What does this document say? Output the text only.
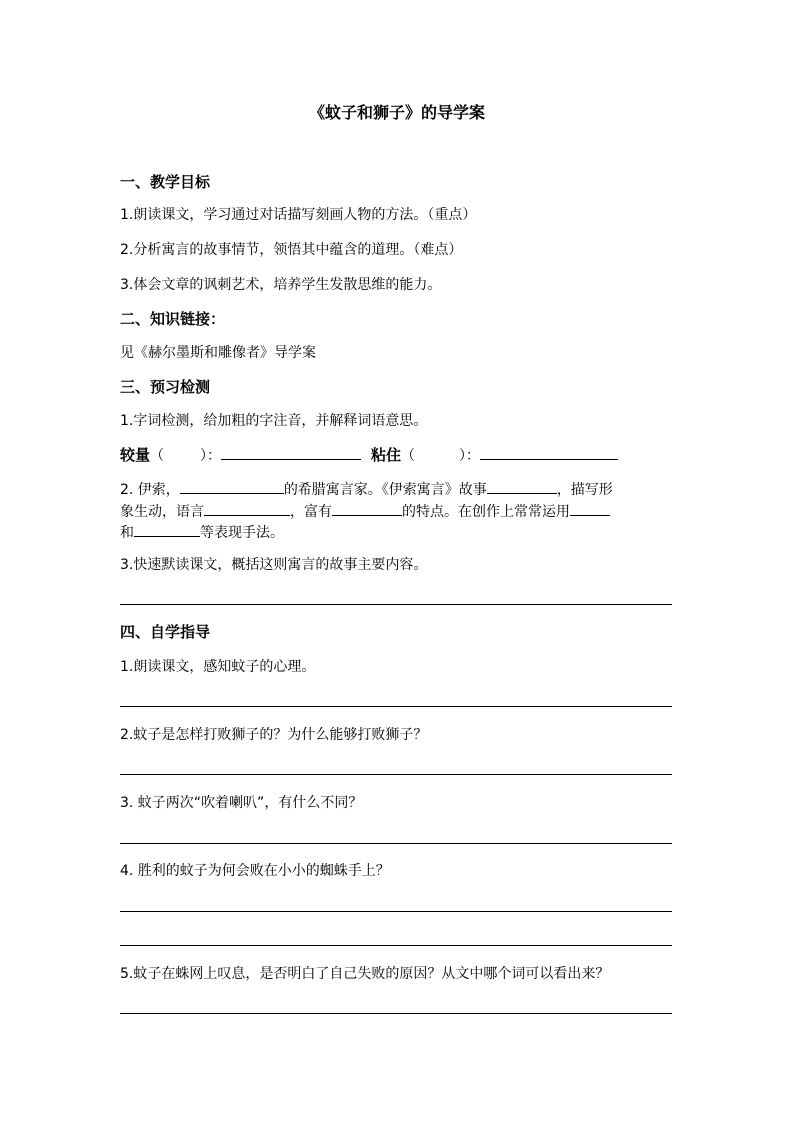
《蚊子和狮子》的导学案
一、教学目标
1.朗读课文，学习通过对话描写刻画人物的方法。（重点）
2.分析寓言的故事情节，领悟其中蕴含的道理。（难点）
3.体会文章的讽刺艺术，培养学生发散思维的能力。
二、知识链接：
见《赫尔墨斯和雕像者》导学案
三、预习检测
1.字词检测，给加粗的字注音，并解释词语意思。
较量（	）：	粘住（	）：
2. 伊索，	的希腊寓言家。《伊索寓言》故事	，描写形
象生动，语言	，富有	的特点。在创作上常常运用
和	等表现手法。
3.快速默读课文，概括这则寓言的故事主要内容。
四、自学指导
1.朗读课文，感知蚊子的心理。
2.蚊子是怎样打败狮子的？为什么能够打败狮子？
3. 蚊子两次“吹着喇叭”，有什么不同？
4. 胜利的蚊子为何会败在小小的蜘蛛手上？
5.蚊子在蛛网上叹息，是否明白了自己失败的原因？从文中哪个词可以看出来？
